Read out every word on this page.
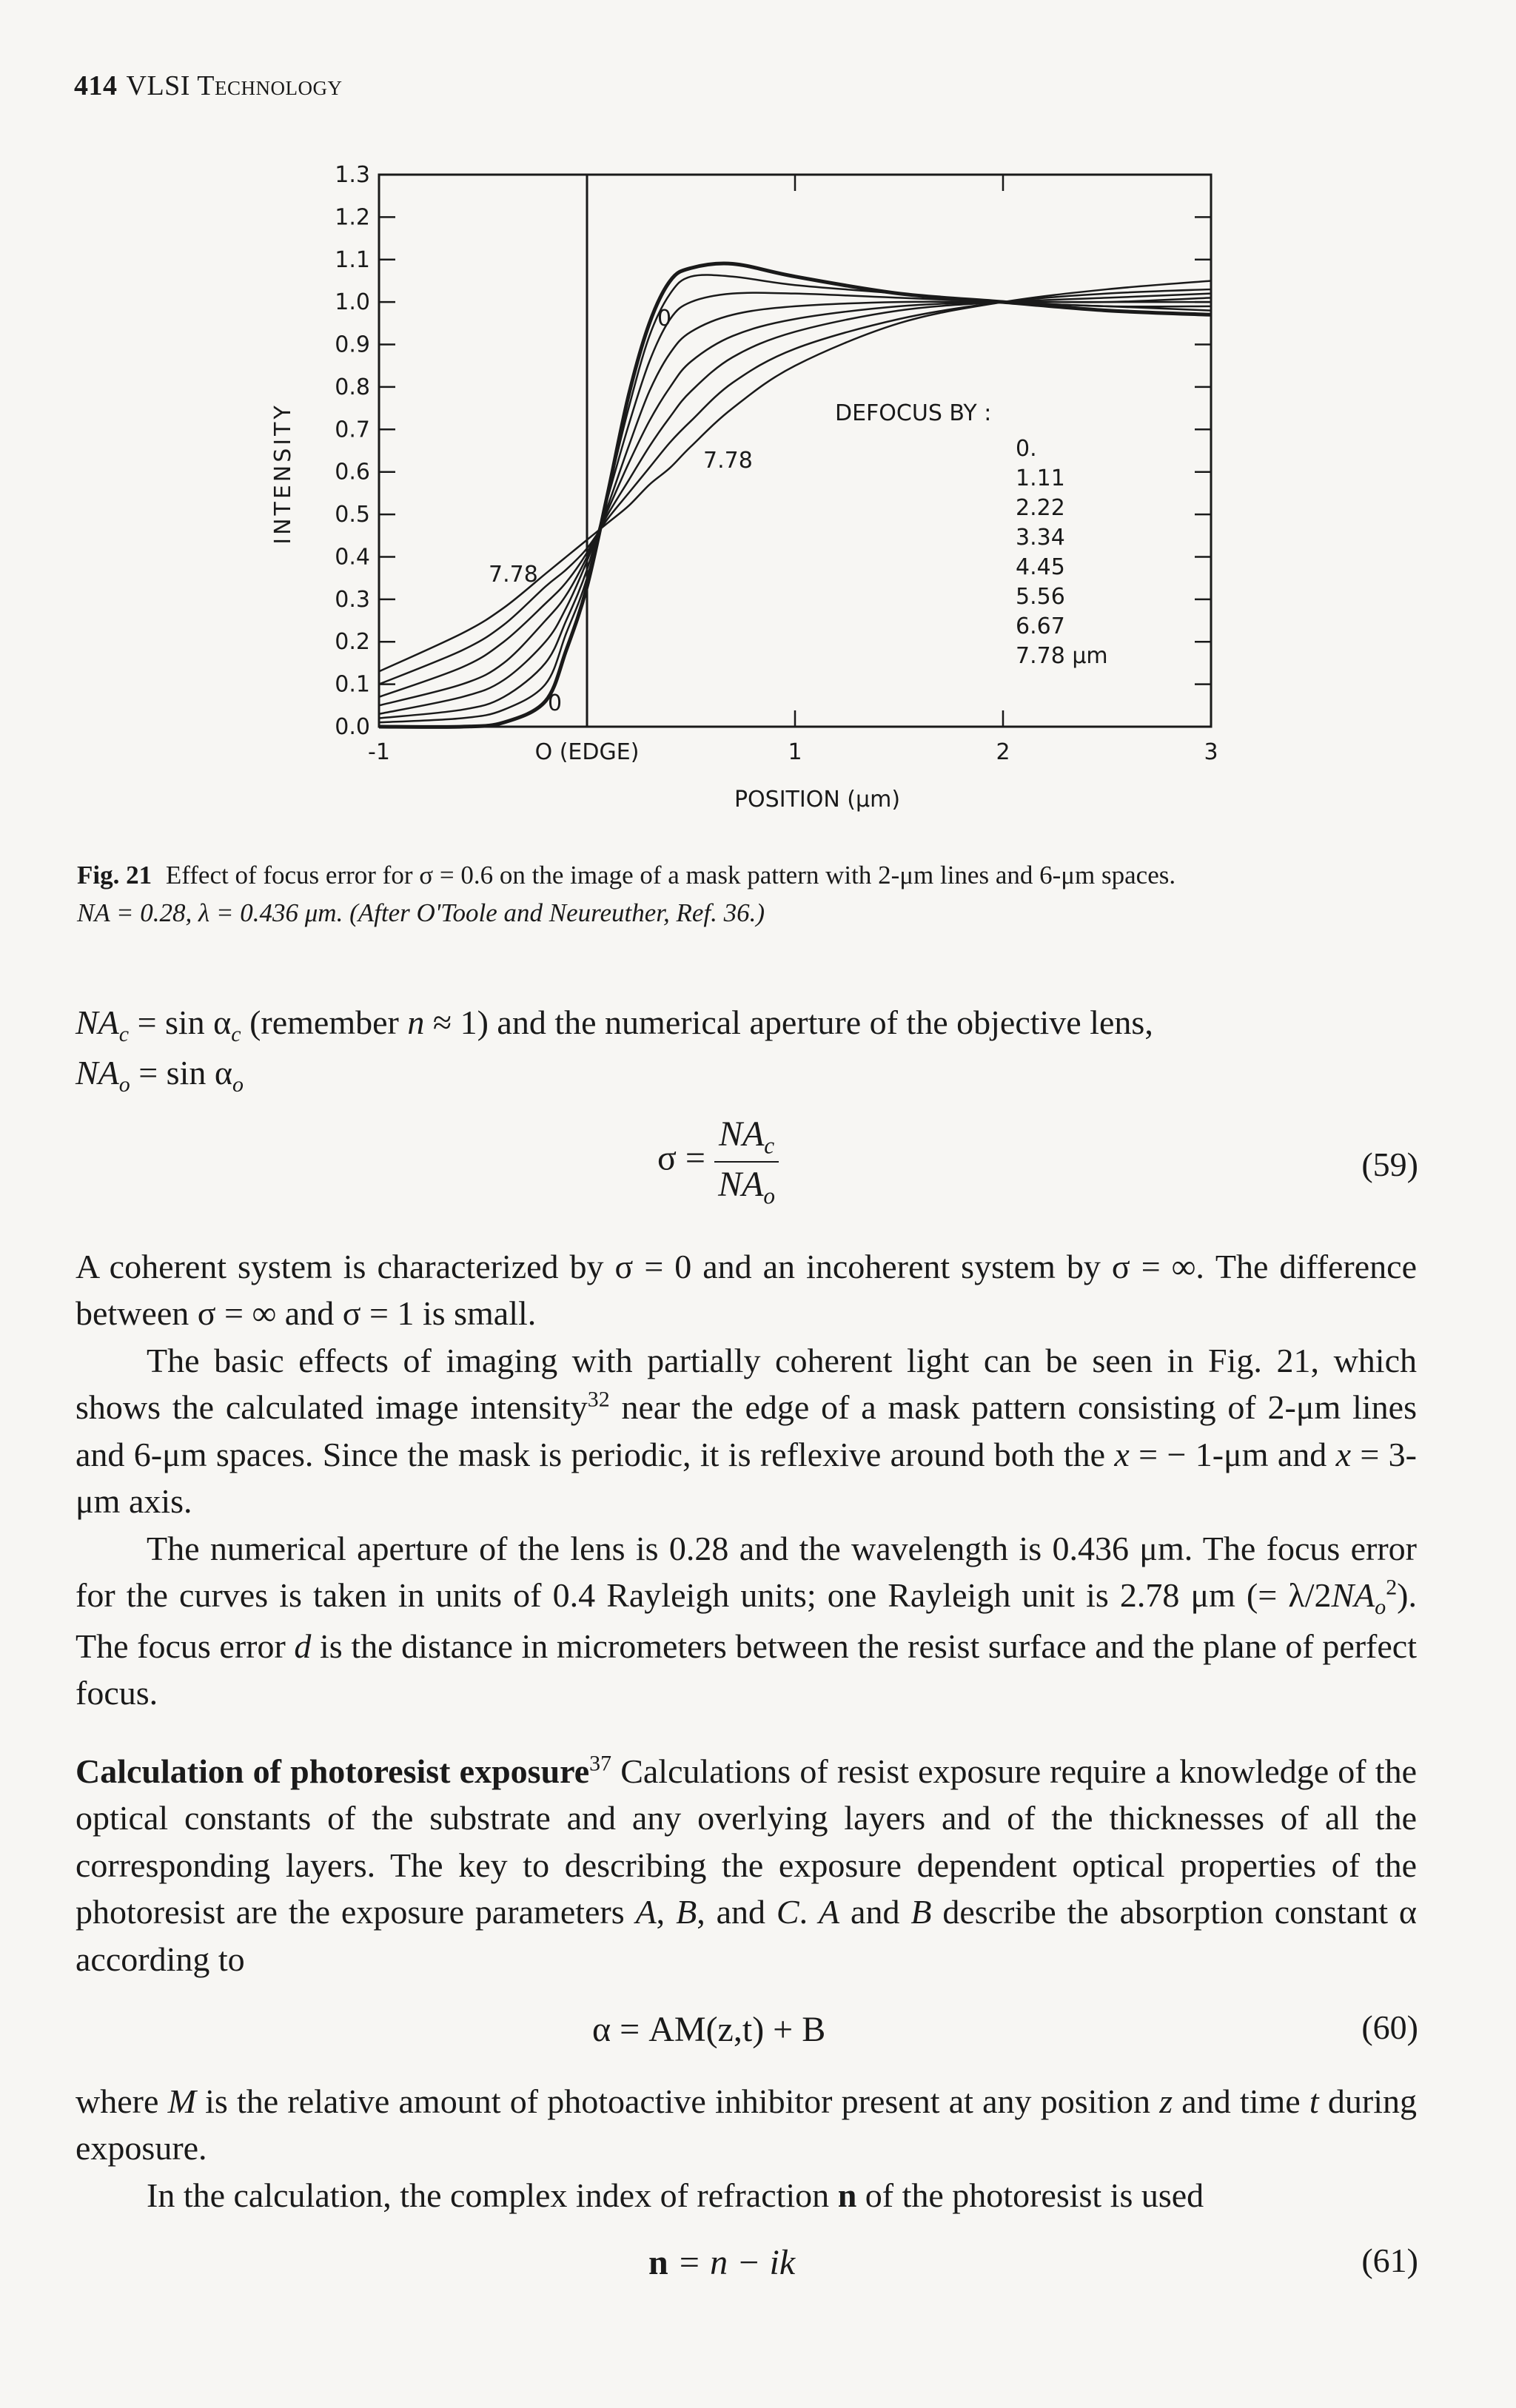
414 VLSI Technology
0.0
0.1
0.2
0.3
0.4
0.5
0.6
0.7
0.8
0.9
1.0
1.1
1.2
1.3
INTENSITY
-1	O (EDGE)	1	2	3
POSITION (μm)
0
7.78
7.78
0
DEFOCUS BY :
0.
1.11
2.22
3.34
4.45
5.56
6.67
7.78 μm
Fig. 21 Effect of focus error for σ = 0.6 on the image of a mask pattern with 2-μm lines and 6-μm spaces.
NA = 0.28, λ = 0.436 μm. (After O'Toole and Neureuther, Ref. 36.)

$NA_c = \sin \alpha_c$ (remember n ≈ 1) and the numerical aperture of the objective lens,
$NA_o = \sin \alpha_o$

$\sigma = \frac{NA_c}{NA_o}$	(59)

A coherent system is characterized by σ = 0 and an incoherent system by σ = ∞. The difference between σ = ∞ and σ = 1 is small.

The basic effects of imaging with partially coherent light can be seen in Fig. 21, which shows the calculated image intensity$^{32}$ near the edge of a mask pattern consisting of 2-μm lines and 6-μm spaces. Since the mask is periodic, it is reflexive around both the x = − 1-μm and x = 3-μm axis.

The numerical aperture of the lens is 0.28 and the wavelength is 0.436 μm. The focus error for the curves is taken in units of 0.4 Rayleigh units; one Rayleigh unit is 2.78 μm (= $\lambda/2NA_o^2$). The focus error d is the distance in micrometers between the resist surface and the plane of perfect focus.

Calculation of photoresist exposure$^{37}$ Calculations of resist exposure require a knowledge of the optical constants of the substrate and any overlying layers and of the thicknesses of all the corresponding layers. The key to describing the exposure dependent optical properties of the photoresist are the exposure parameters A, B, and C. A and B describe the absorption constant α according to

α = AM(z,t) + B	(60)

where M is the relative amount of photoactive inhibitor present at any position z and time t during exposure.

In the calculation, the complex index of refraction n of the photoresist is used

n = n − ik	(61)
